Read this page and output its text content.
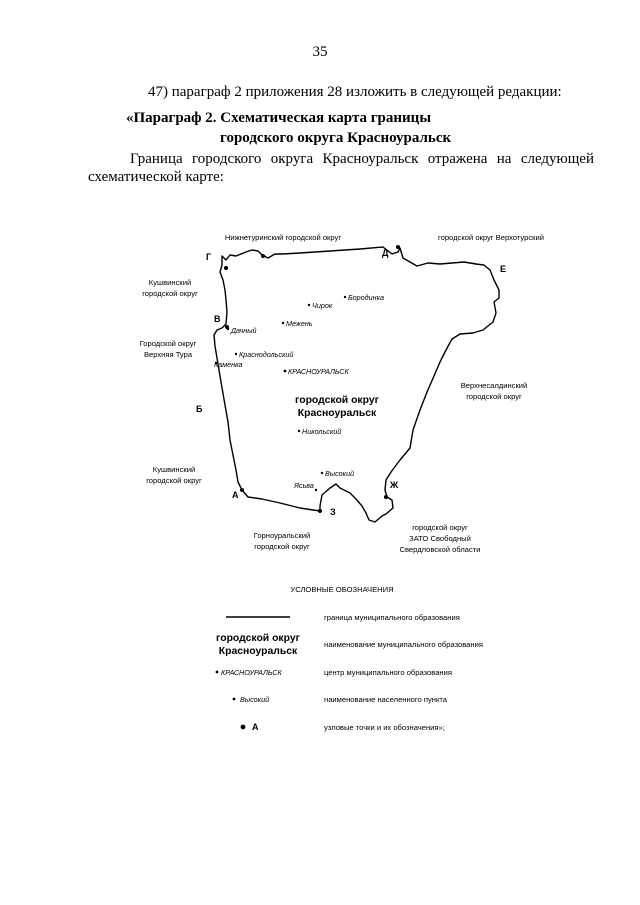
35
47) параграф 2 приложения 28 изложить в следующей редакции:
«Параграф 2. Схематическая карта границы
городского округа Красноуральск
Граница городского округа Красноуральск отражена на следующей
схематической карте:
Г	Д
Е
В
Б
А
З
Ж
Нижнетуринский городской округ	городской округ Верхотурский
Кушвинский
городской округ
Городской округ
Верхняя Тура
Верхнесалдинский
городской округ
Кушвинский
городской округ
Горноуральский
городской округ
городской округ
ЗАТО Свободный
Свердловской области
Чирок
Бородинка
Межень
Дачный
Краснодольский
Каменка
КРАСНОУРАЛЬСК
Никольский
Высокий
Ясьва
городской округ
Красноуральск
УСЛОВНЫЕ ОБОЗНАЧЕНИЯ
граница муниципального образования
городской округ
Красноуральск
наименование муниципального образования
КРАСНОУРАЛЬСК	центр муниципального образования
Высокий	наименование населенного пункта
А	узловые точки и их обозначения»;
